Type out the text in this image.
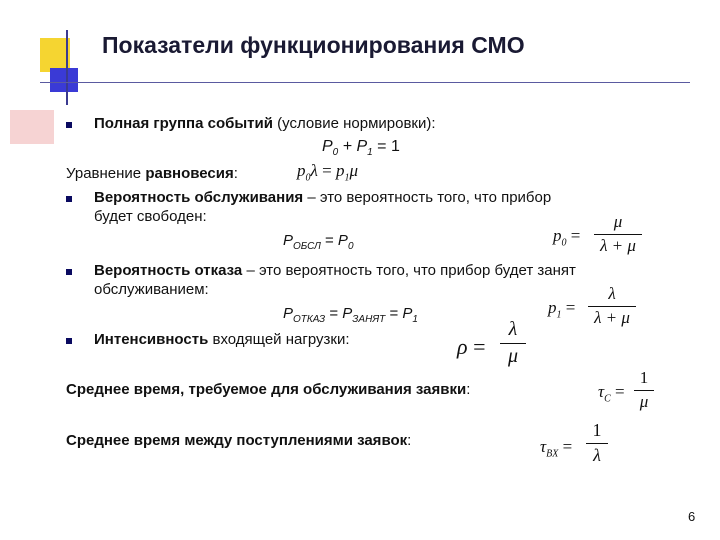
Показатели функционирования СМО
Полная группа событий (условие нормировки):
$P_0 + P_1 = 1$
Уравнение равновесия:	$p_0\lambda = p_1\mu$
Вероятность обслуживания – это вероятность того, что прибор
будет свободен:
$P_{ОБСЛ} = P_0$
$p_0$ =
μ
λ + μ
Вероятность отказа – это вероятность того, что прибор будет занят
обслуживанием:
$P_{ОТКАЗ} = P_{ЗАНЯТ} = P_1$
$p_1$ =
λ
λ + μ
Интенсивность входящей нагрузки:	ρ =
λ
μ
Среднее время, требуемое для обслуживания заявки:	$\tau_C$ =
1
μ
Среднее время между поступлениями заявок:	$\tau_{BX}$ =
1
λ
6
